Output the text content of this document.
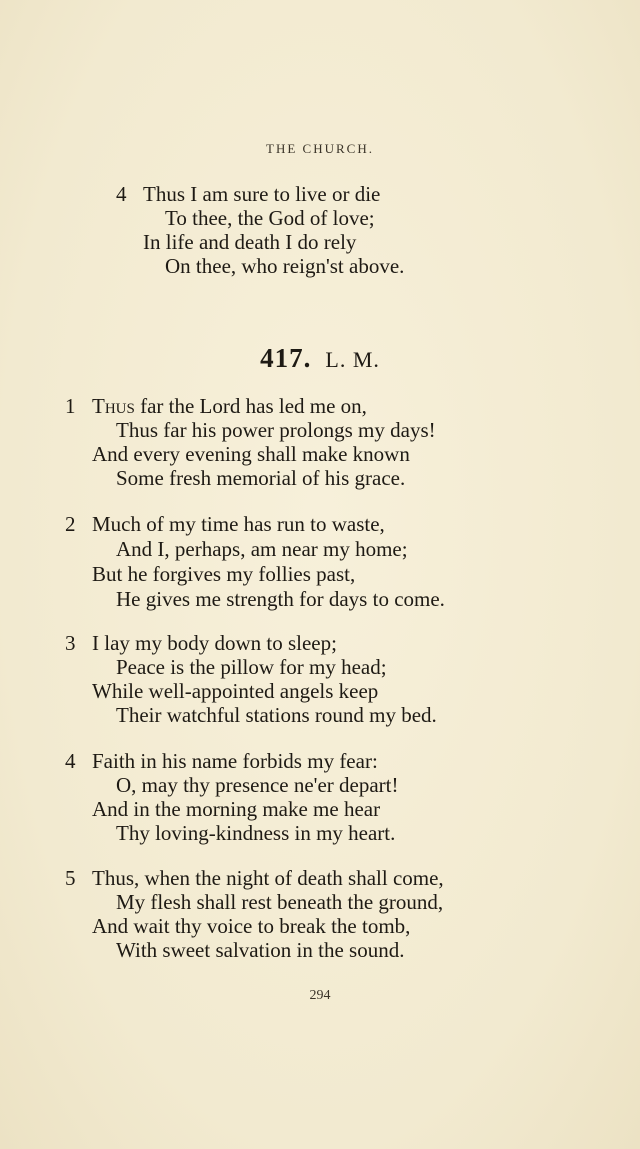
THE CHURCH.
4 Thus I am sure to live or die
To thee, the God of love;
In life and death I do rely
On thee, who reign'st above.
417. L. M.
1 Thus far the Lord has led me on,
Thus far his power prolongs my days!
And every evening shall make known
Some fresh memorial of his grace.
2 Much of my time has run to waste,
And I, perhaps, am near my home;
But he forgives my follies past,
He gives me strength for days to come.
3 I lay my body down to sleep;
Peace is the pillow for my head;
While well-appointed angels keep
Their watchful stations round my bed.
4 Faith in his name forbids my fear:
O, may thy presence ne'er depart!
And in the morning make me hear
Thy loving-kindness in my heart.
5 Thus, when the night of death shall come,
My flesh shall rest beneath the ground,
And wait thy voice to break the tomb,
With sweet salvation in the sound.
294
